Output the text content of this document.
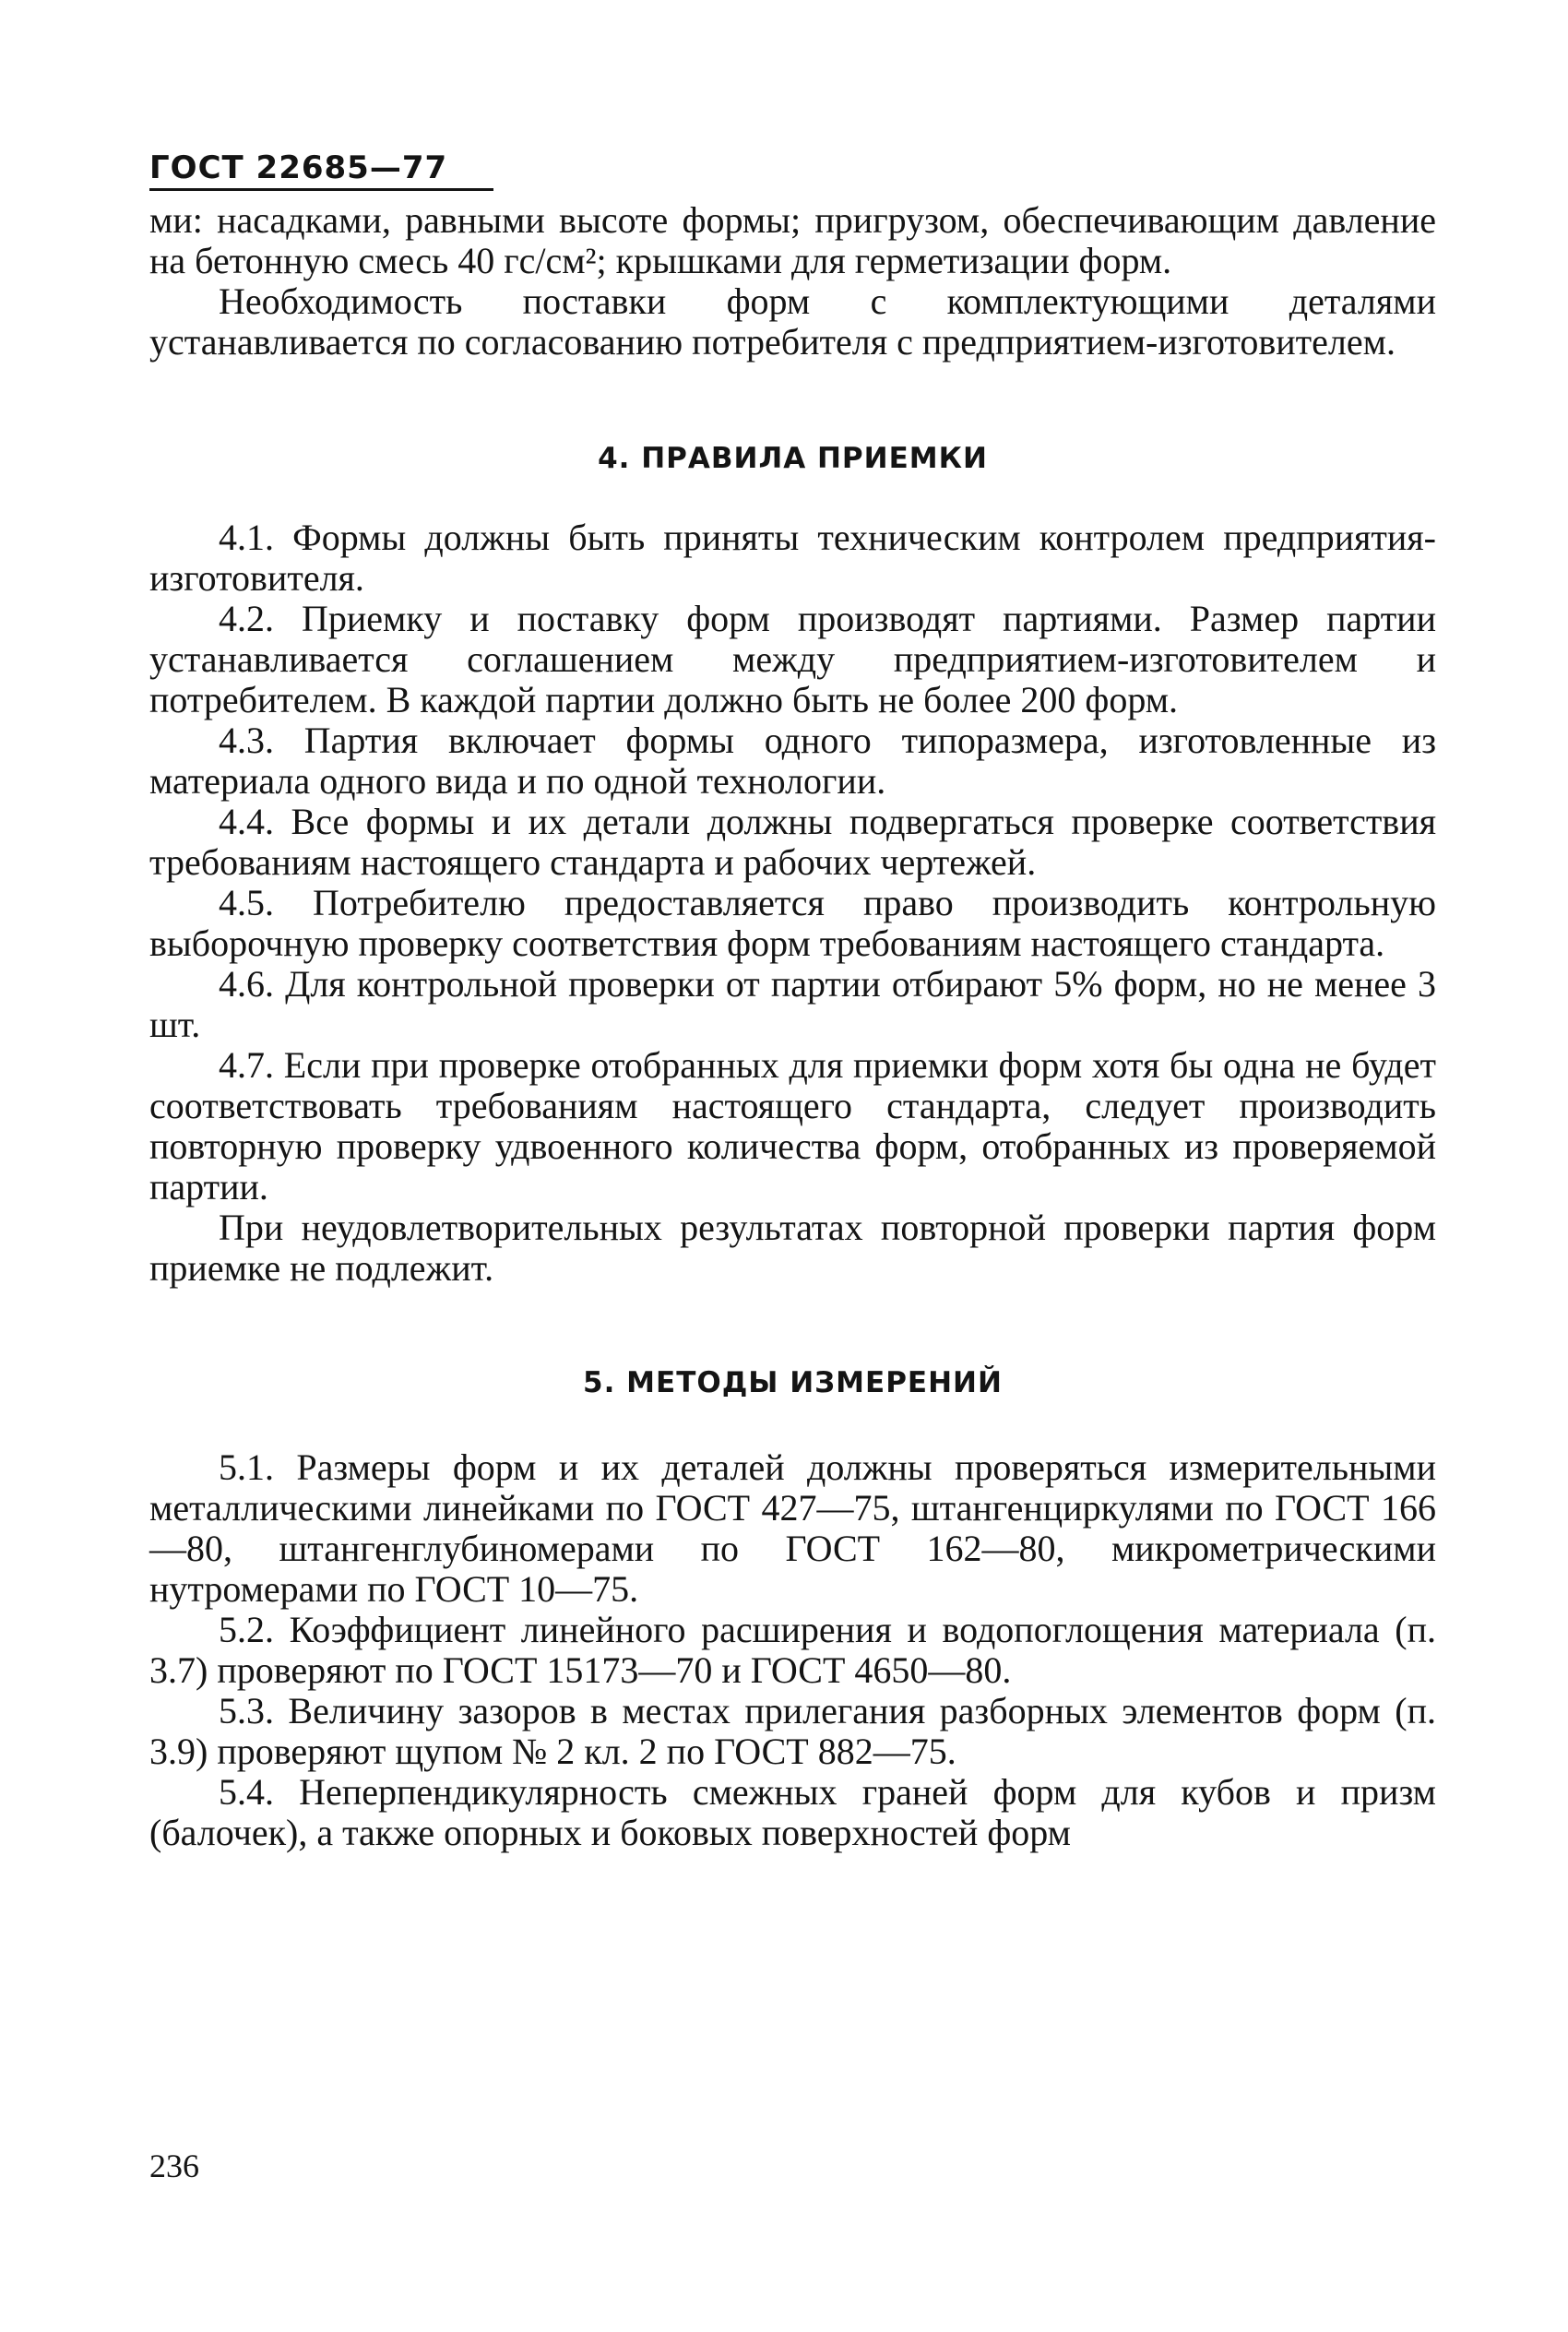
ГОСТ 22685—77

ми: насадками, равными высоте формы; пригрузом, обеспечивающим давление на бетонную смесь 40 гс/см²; крышками для герметизации форм.

Необходимость поставки форм с комплектующими деталями устанавливается по согласованию потребителя с предприятием-изготовителем.

4. ПРАВИЛА ПРИЕМКИ

4.1. Формы должны быть приняты техническим контролем предприятия-изготовителя.

4.2. Приемку и поставку форм производят партиями. Размер партии устанавливается соглашением между предприятием-изготовителем и потребителем. В каждой партии должно быть не более 200 форм.

4.3. Партия включает формы одного типоразмера, изготовленные из материала одного вида и по одной технологии.

4.4. Все формы и их детали должны подвергаться проверке соответствия требованиям настоящего стандарта и рабочих чертежей.

4.5. Потребителю предоставляется право производить контрольную выборочную проверку соответствия форм требованиям настоящего стандарта.

4.6. Для контрольной проверки от партии отбирают 5% форм, но не менее 3 шт.

4.7. Если при проверке отобранных для приемки форм хотя бы одна не будет соответствовать требованиям настоящего стандарта, следует производить повторную проверку удвоенного количества форм, отобранных из проверяемой партии.

При неудовлетворительных результатах повторной проверки партия форм приемке не подлежит.

5. МЕТОДЫ ИЗМЕРЕНИЙ

5.1. Размеры форм и их деталей должны проверяться измерительными металлическими линейками по ГОСТ 427—75, штангенциркулями по ГОСТ 166—80, штангенглубиномерами по ГОСТ 162—80, микрометрическими нутромерами по ГОСТ 10—75.

5.2. Коэффициент линейного расширения и водопоглощения материала (п. 3.7) проверяют по ГОСТ 15173—70 и ГОСТ 4650—80.

5.3. Величину зазоров в местах прилегания разборных элементов форм (п. 3.9) проверяют щупом № 2 кл. 2 по ГОСТ 882—75.

5.4. Неперпендикулярность смежных граней форм для кубов и призм (балочек), а также опорных и боковых поверхностей форм

236
